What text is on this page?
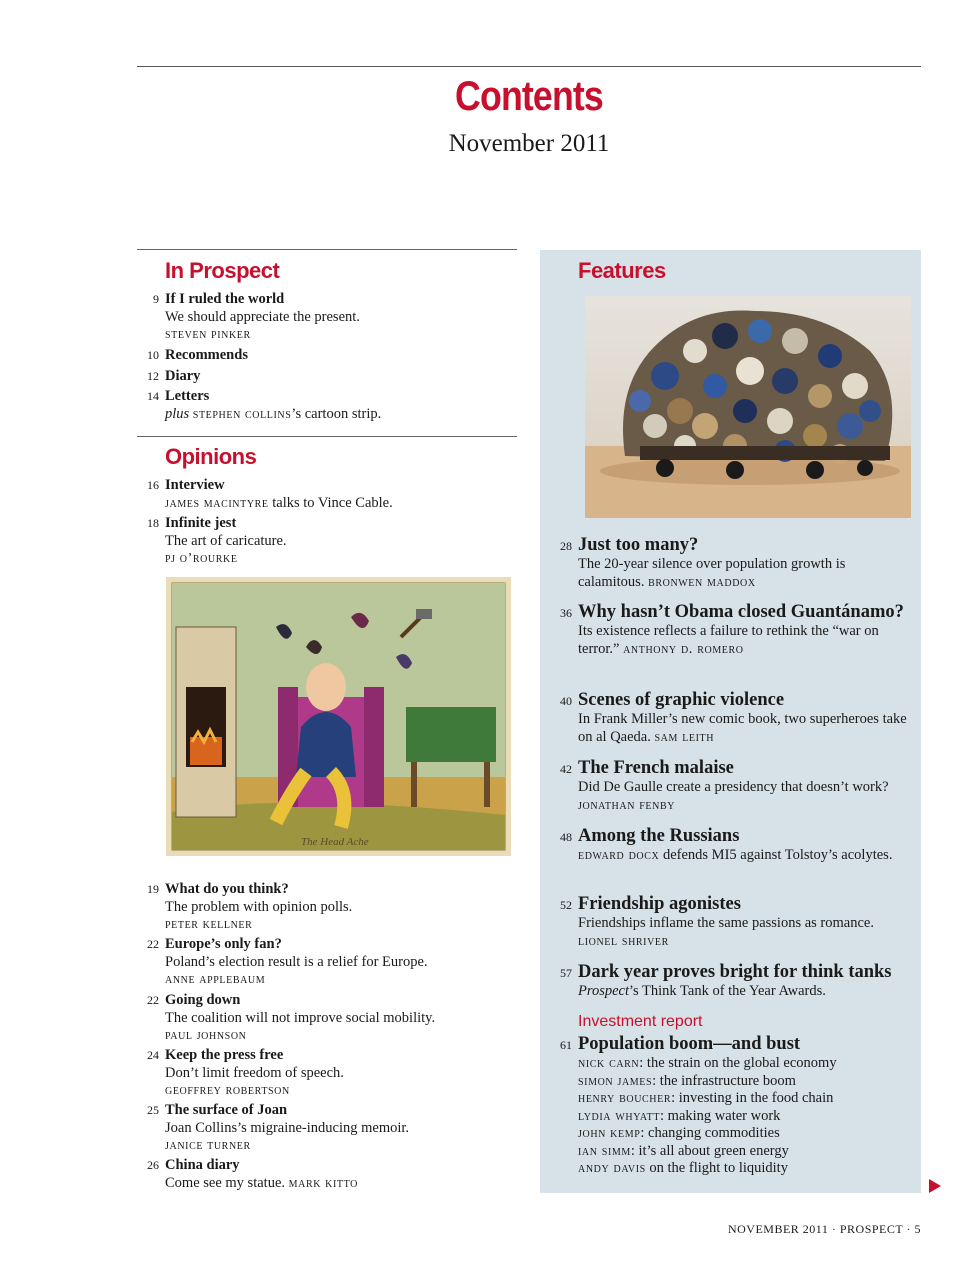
Contents
November 2011
In Prospect
9 If I ruled the world
We should appreciate the present.
steven pinker
10 Recommends
12 Diary
14 Letters
plus stephen collins’s cartoon strip.
Opinions
16 Interview
james macintyre talks to Vince Cable.
18 Infinite jest
The art of caricature.
pj o’rourke
The Head Ache
19 What do you think?
The problem with opinion polls.
peter kellner
22 Europe’s only fan?
Poland’s election result is a relief for Europe.
anne applebaum
22 Going down
The coalition will not improve social mobility.
paul johnson
24 Keep the press free
Don’t limit freedom of speech.
geoffrey robertson
25 The surface of Joan
Joan Collins’s migraine-inducing memoir.
janice turner
26 China diary
Come see my statue. mark kitto
Features
28 Just too many?
The 20-year silence over population growth is calamitous. bronwen maddox
36 Why hasn’t Obama closed Guantánamo?
Its existence reflects a failure to rethink the “war on terror.” anthony d. romero
40 Scenes of graphic violence
In Frank Miller’s new comic book, two superheroes take on al Qaeda. sam leith
42 The French malaise
Did De Gaulle create a presidency that doesn’t work? jonathan fenby
48 Among the Russians
edward docx defends MI5 against Tolstoy’s acolytes.
52 Friendship agonistes
Friendships inflame the same passions as romance. lionel shriver
57 Dark year proves bright for think tanks
Prospect’s Think Tank of the Year Awards.
Investment report
61 Population boom—and bust
nick carn: the strain on the global economy
simon james: the infrastructure boom
henry boucher: investing in the food chain
lydia whyatt: making water work
john kemp: changing commodities
ian simm: it’s all about green energy
andy davis on the flight to liquidity
NOVEMBER 2011 · PROSPECT · 5
